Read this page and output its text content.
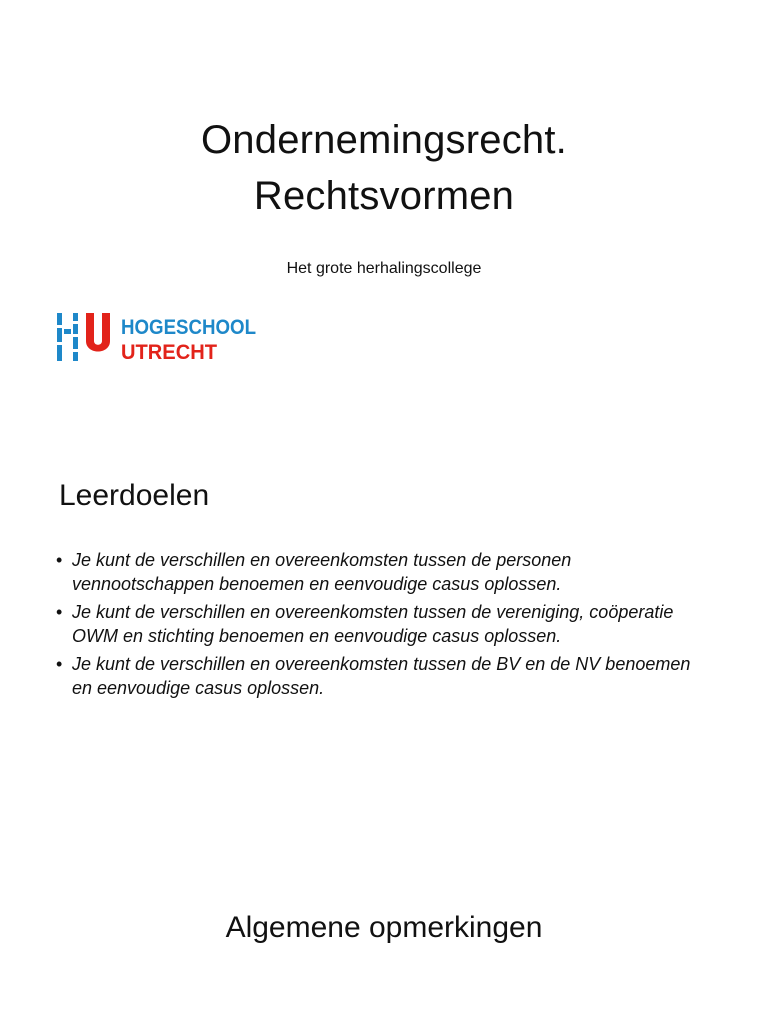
Ondernemingsrecht.
Rechtsvormen
Het grote herhalingscollege
HOGESCHOOL
UTRECHT
Leerdoelen
• Je kunt de verschillen en overeenkomsten tussen de personen vennootschappen benoemen en eenvoudige casus oplossen.
• Je kunt de verschillen en overeenkomsten tussen de vereniging, coöperatie OWM en stichting benoemen en eenvoudige casus oplossen.
• Je kunt de verschillen en overeenkomsten tussen de BV en de NV benoemen en eenvoudige casus oplossen.
Algemene opmerkingen
